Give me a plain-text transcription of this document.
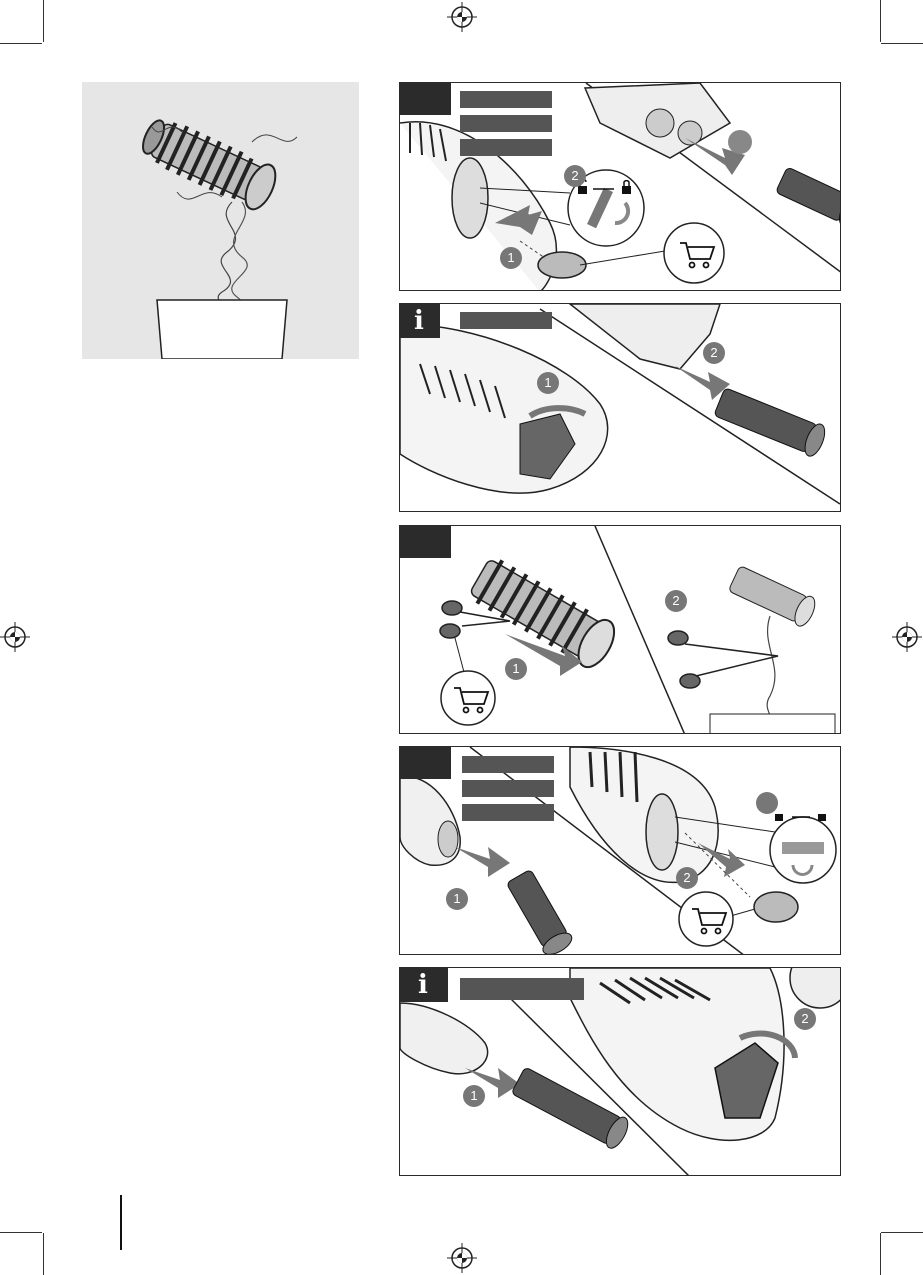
1
2
i
1
2
1
2
1
2
i
1
2
